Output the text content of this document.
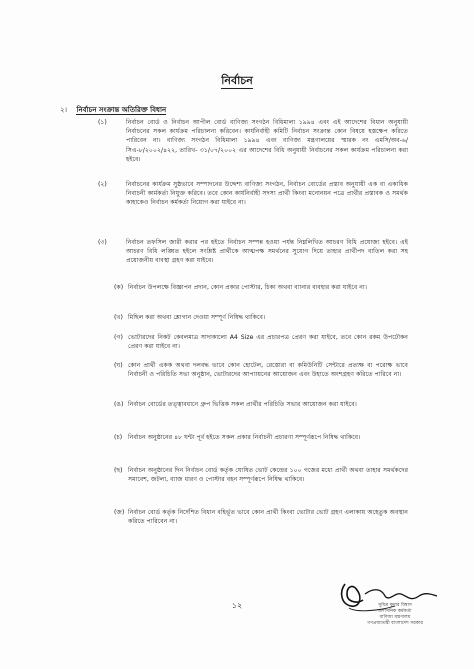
নির্বাচন
২। নির্বাচন সংক্রান্ত অতিরিক্ত বিধান
(১)	নির্বাচন বোর্ড ও নির্বাচন আপীল বোর্ড বাণিজ্য সংগঠন বিধিমালা ১৯৯৪ এবং এই আদেশের বিধান অনুযায়ী নির্বাচনের সকল কার্যক্রম পরিচালনা করিবেন। কার্যনির্বাহী কমিটি নির্বাচন সংক্রান্ত কোন বিষয়ে হস্তক্ষেপ করিতে পারিবেন না। বাণিজ্য সংগঠন বিধিমালা ১৯৯৪ এবং বাণিজ্য মন্ত্রণালয়ের স্মারক নং এমসি/অব-৬/সিএ-৮/২০০২/৪২২, তারিখ- ৩১/০৭/২০০২ এর আদেশের বিধি অনুযায়ী নির্বাচনের সকল কার্যক্রম পরিচালনা করা হইবে।
(২)	নির্বাচনের কার্যক্রম সুষ্ঠভাবে সম্পাদনের উদ্দেশ্য বাণিজ্য সংগঠন, নির্বাচন বোর্ডের প্রস্তাব অনুযায়ী এক বা একাধিক নিবাচনী কার্মকর্তা নিযুক্ত করিবে। তবে কোন কার্যনির্বাহী সদস্য প্রার্থী কিংবা মনোনয়ন পত্রে প্রার্থীর প্রস্তাবক ও সমর্থক কাহাকেও নির্বাচন কর্মকর্তা নিয়োগ করা যাইবে না।
(৩)	নির্বাচন তফসিল জারী করার পর হইতে নির্বাচন সম্পন্ন হওয়া পর্যন্ত নিম্নলিখিত আচরণ বিধি প্রযোজ্য হইবে। এই আচরণ বিধি লঙ্ঘিত হইলে সংশ্লিষ্ট প্রার্থীকে আত্মপক্ষ সমর্থনের সুযোগ দিয়ে তাহার প্রার্থীপদ বাতিল করা সহ প্রয়োজনীয় ব্যবস্থা গ্রহণ করা যাইবে।
(ক) নির্বাচন উপলক্ষে বিজ্ঞাপন প্রদান, কোন প্রকার পোস্টার, চিকা অথবা ব্যানার ব্যবহার করা যাইবে না।
(খ) মিছিল করা অথবা শ্লোগান দেওয়া সম্পূর্ণ নিষিদ্ধ থাকিবে।
(গ) ভোটারদের নিকট কেবলমাত্র সাদাকালো A4 Size এর প্রচারপত্র প্রেরণ করা যাইবে, তবে কোন রকম উপঢৌকন প্রেরণ করা যাইবে না।
(ঘ) কোন প্রার্থী একক অথবা দলবদ্ধ ভাবে কোন হোটেল, রেস্তোরা বা কমিউনিটি সেন্টারে প্রত্যক্ষ বা পরোক্ষ ভাবে নির্বাচনী ও পরিচিতি সভা অনুষ্ঠান, ভোটারদের আপ্যায়নের আয়োজন এবং উহাতে অংশগ্রহণ করিতে পারিবে না।
(ঙ) নির্বাচন বোর্ডের তত্ত্বাবধানে গ্রুপ ভিত্তিক সকল প্রার্থীর পরিচিতি সভার আয়োজন করা যাইবে।
(চ) নির্বাচন অনুষ্ঠানের ৪৮ ঘন্টা পূর্ব হইতে সকল প্রকার নির্বাচনী প্রচারণা সম্পূর্ণরূপে নিষিদ্ধ থাকিবে।
(ছ) নির্বাচন অনুষ্ঠানের দিন নির্বাচন বোর্ড কর্তৃক ঘোষিত ভোট কেন্দ্রের ১০০ গজের মধ্যে প্রার্থী অথবা তাহার সমর্থকদের সমাবেশ, জটলা, ব্যাজ ধারণ ও পোস্টার বহন সম্পূর্ণরূপে নিষিদ্ধ থাকিবে।
(জ) নির্বাচন বোর্ড কর্তৃক নির্দেশিত বিধান বহির্ভূত ভাবে কোন প্রার্থী কিংবা ভোটার ভোট গ্রহণ এলাকায় অহেতুক অবস্থান করিতে পারিবেন না।
১২	সুমিত্র কুমার বিশ্বাস
প্রশাসনিক কর্মকর্তা
বাণিজ্য মন্ত্রণালয়
গণপ্রজাতন্ত্রী বাংলাদেশ সরকার
